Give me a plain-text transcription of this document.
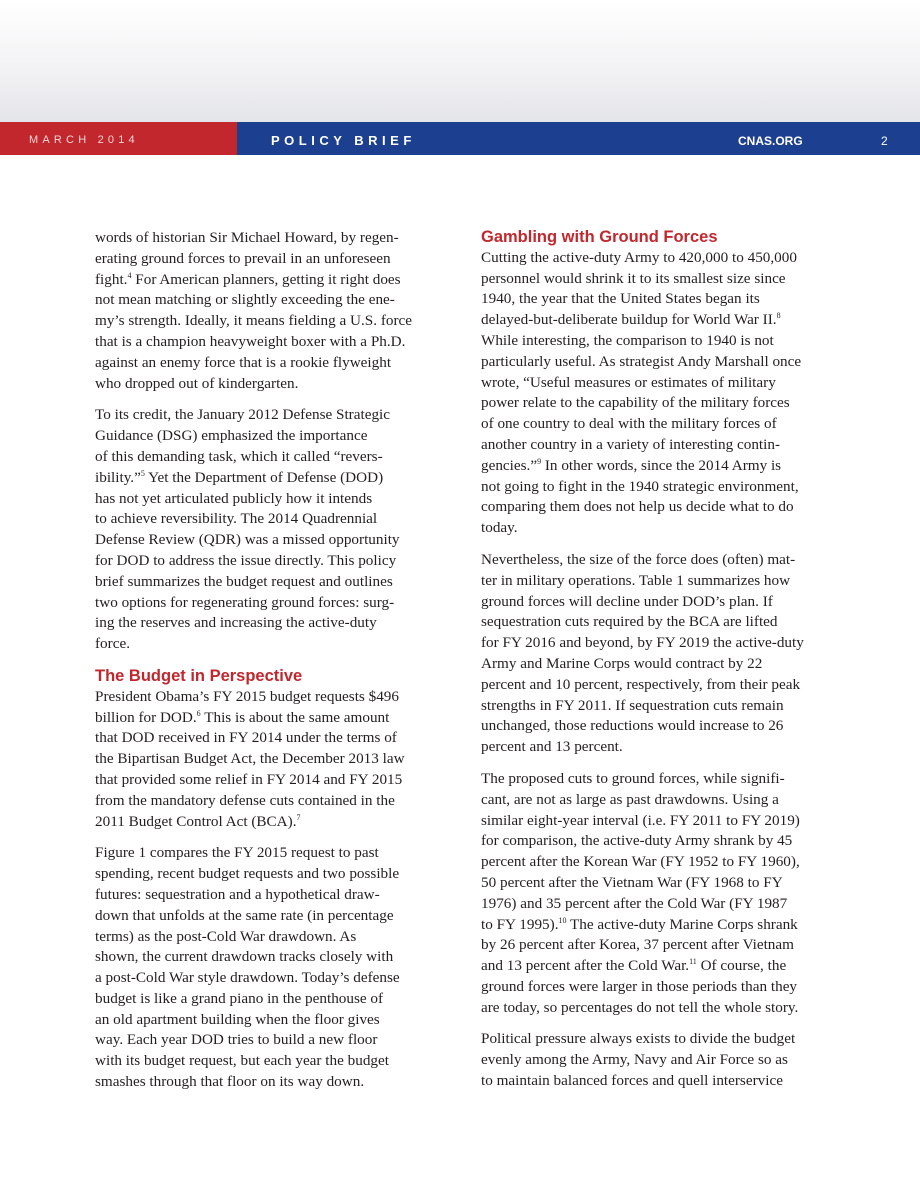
MARCH 2014	POLICY BRIEF	CNAS.ORG	2

words of historian Sir Michael Howard, by regen-
erating ground forces to prevail in an unforeseen
fight.$^4$ For American planners, getting it right does
not mean matching or slightly exceeding the ene-
my’s strength. Ideally, it means fielding a U.S. force
that is a champion heavyweight boxer with a Ph.D.
against an enemy force that is a rookie flyweight
who dropped out of kindergarten.

To its credit, the January 2012 Defense Strategic
Guidance (DSG) emphasized the importance
of this demanding task, which it called “revers-
ibility.”$^5$ Yet the Department of Defense (DOD)
has not yet articulated publicly how it intends
to achieve reversibility. The 2014 Quadrennial
Defense Review (QDR) was a missed opportunity
for DOD to address the issue directly. This policy
brief summarizes the budget request and outlines
two options for regenerating ground forces: surg-
ing the reserves and increasing the active-duty
force.

The Budget in Perspective

President Obama’s FY 2015 budget requests $496
billion for DOD.$^6$ This is about the same amount
that DOD received in FY 2014 under the terms of
the Bipartisan Budget Act, the December 2013 law
that provided some relief in FY 2014 and FY 2015
from the mandatory defense cuts contained in the
2011 Budget Control Act (BCA).$^7$

Figure 1 compares the FY 2015 request to past
spending, recent budget requests and two possible
futures: sequestration and a hypothetical draw-
down that unfolds at the same rate (in percentage
terms) as the post-Cold War drawdown. As
shown, the current drawdown tracks closely with
a post-Cold War style drawdown. Today’s defense
budget is like a grand piano in the penthouse of
an old apartment building when the floor gives
way. Each year DOD tries to build a new floor
with its budget request, but each year the budget
smashes through that floor on its way down.

Gambling with Ground Forces

Cutting the active-duty Army to 420,000 to 450,000
personnel would shrink it to its smallest size since
1940, the year that the United States began its
delayed-but-deliberate buildup for World War II.$^8$
While interesting, the comparison to 1940 is not
particularly useful. As strategist Andy Marshall once
wrote, “Useful measures or estimates of military
power relate to the capability of the military forces
of one country to deal with the military forces of
another country in a variety of interesting contin-
gencies.”$^9$ In other words, since the 2014 Army is
not going to fight in the 1940 strategic environment,
comparing them does not help us decide what to do
today.

Nevertheless, the size of the force does (often) mat-
ter in military operations. Table 1 summarizes how
ground forces will decline under DOD’s plan. If
sequestration cuts required by the BCA are lifted
for FY 2016 and beyond, by FY 2019 the active-duty
Army and Marine Corps would contract by 22
percent and 10 percent, respectively, from their peak
strengths in FY 2011. If sequestration cuts remain
unchanged, those reductions would increase to 26
percent and 13 percent.

The proposed cuts to ground forces, while signifi-
cant, are not as large as past drawdowns. Using a
similar eight-year interval (i.e. FY 2011 to FY 2019)
for comparison, the active-duty Army shrank by 45
percent after the Korean War (FY 1952 to FY 1960),
50 percent after the Vietnam War (FY 1968 to FY
1976) and 35 percent after the Cold War (FY 1987
to FY 1995).$^{10}$ The active-duty Marine Corps shrank
by 26 percent after Korea, 37 percent after Vietnam
and 13 percent after the Cold War.$^{11}$ Of course, the
ground forces were larger in those periods than they
are today, so percentages do not tell the whole story.

Political pressure always exists to divide the budget
evenly among the Army, Navy and Air Force so as
to maintain balanced forces and quell interservice
